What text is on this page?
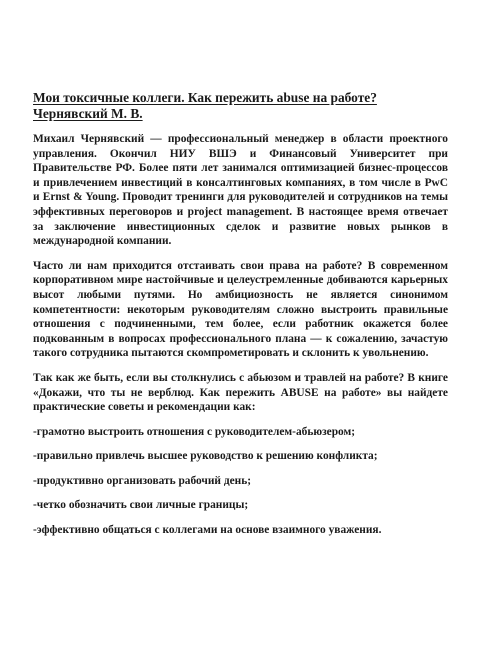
Мои токсичные коллеги. Как пережить abuse на работе?
Чернявский М. В.

Михаил Чернявский — профессиональный менеджер в области проектного управления. Окончил НИУ ВШЭ и Финансовый Университет при Правительстве РФ. Более пяти лет занимался оптимизацией бизнес-процессов и привлечением инвестиций в консалтинговых компаниях, в том числе в PwC и Ernst & Young. Проводит тренинги для руководителей и сотрудников на темы эффективных переговоров и project management. В настоящее время отвечает за заключение инвестиционных сделок и развитие новых рынков в международной компании.

Часто ли нам приходится отстаивать свои права на работе? В современном корпоративном мире настойчивые и целеустремленные добиваются карьерных высот любыми путями. Но амбициозность не является синонимом компетентности: некоторым руководителям сложно выстроить правильные отношения с подчиненными, тем более, если работник окажется более подкованным в вопросах профессионального плана — к сожалению, зачастую такого сотрудника пытаются скомпрометировать и склонить к увольнению.

Так как же быть, если вы столкнулись с абьюзом и травлей на работе? В книге «Докажи, что ты не верблюд. Как пережить ABUSE на работе» вы найдете практические советы и рекомендации как:

-грамотно выстроить отношения с руководителем-абьюзером;
-правильно привлечь высшее руководство к решению конфликта;
-продуктивно организовать рабочий день;
-четко обозначить свои личные границы;
-эффективно общаться с коллегами на основе взаимного уважения.
